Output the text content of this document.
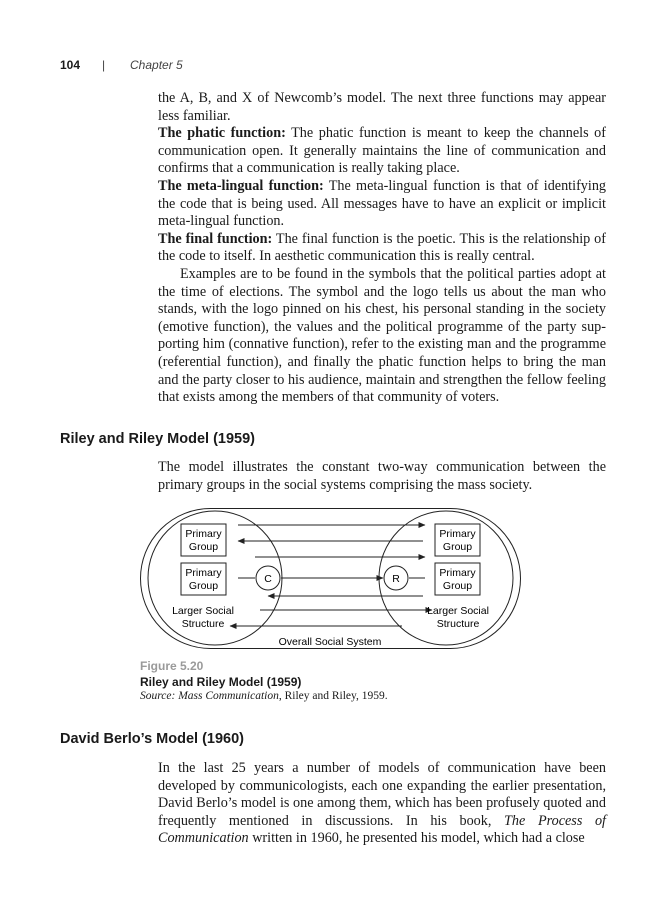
104 | Chapter 5

the A, B, and X of Newcomb’s model. The next three functions may appear less familiar.

The phatic function: The phatic function is meant to keep the channels of communication open. It generally maintains the line of communication and confirms that a communication is really taking place.

The meta-lingual function: The meta-lingual function is that of identifying the code that is being used. All messages have to have an explicit or implicit meta-lingual function.

The final function: The final function is the poetic. This is the relationship of the code to itself. In aesthetic communication this is really central.

Examples are to be found in the symbols that the political parties adopt at the time of elections. The symbol and the logo tells us about the man who stands, with the logo pinned on his chest, his personal standing in the society (emotive function), the values and the political programme of the party supporting him (connative function), refer to the existing man and the programme (referential function), and finally the phatic function helps to bring the man and the party closer to his audience, maintain and strengthen the fellow feeling that exists among the members of that community of voters.

Riley and Riley Model (1959)
The model illustrates the constant two-way communication between the primary groups in the social systems comprising the mass society.
Primary
Group
Primary
Group
Primary
Group
Primary
Group
C	R
Larger Social
Structure
Larger Social
Structure
Overall Social System
Figure 5.20
Riley and Riley Model (1959)
Source: Mass Communication, Riley and Riley, 1959.
David Berlo’s Model (1960)
In the last 25 years a number of models of communication have been developed by communicologists, each one expanding the earlier presentation, David Berlo’s model is one among them, which has been profusely quoted and frequently mentioned in discussions. In his book, The Process of Communication written in 1960, he presented his model, which had a close
